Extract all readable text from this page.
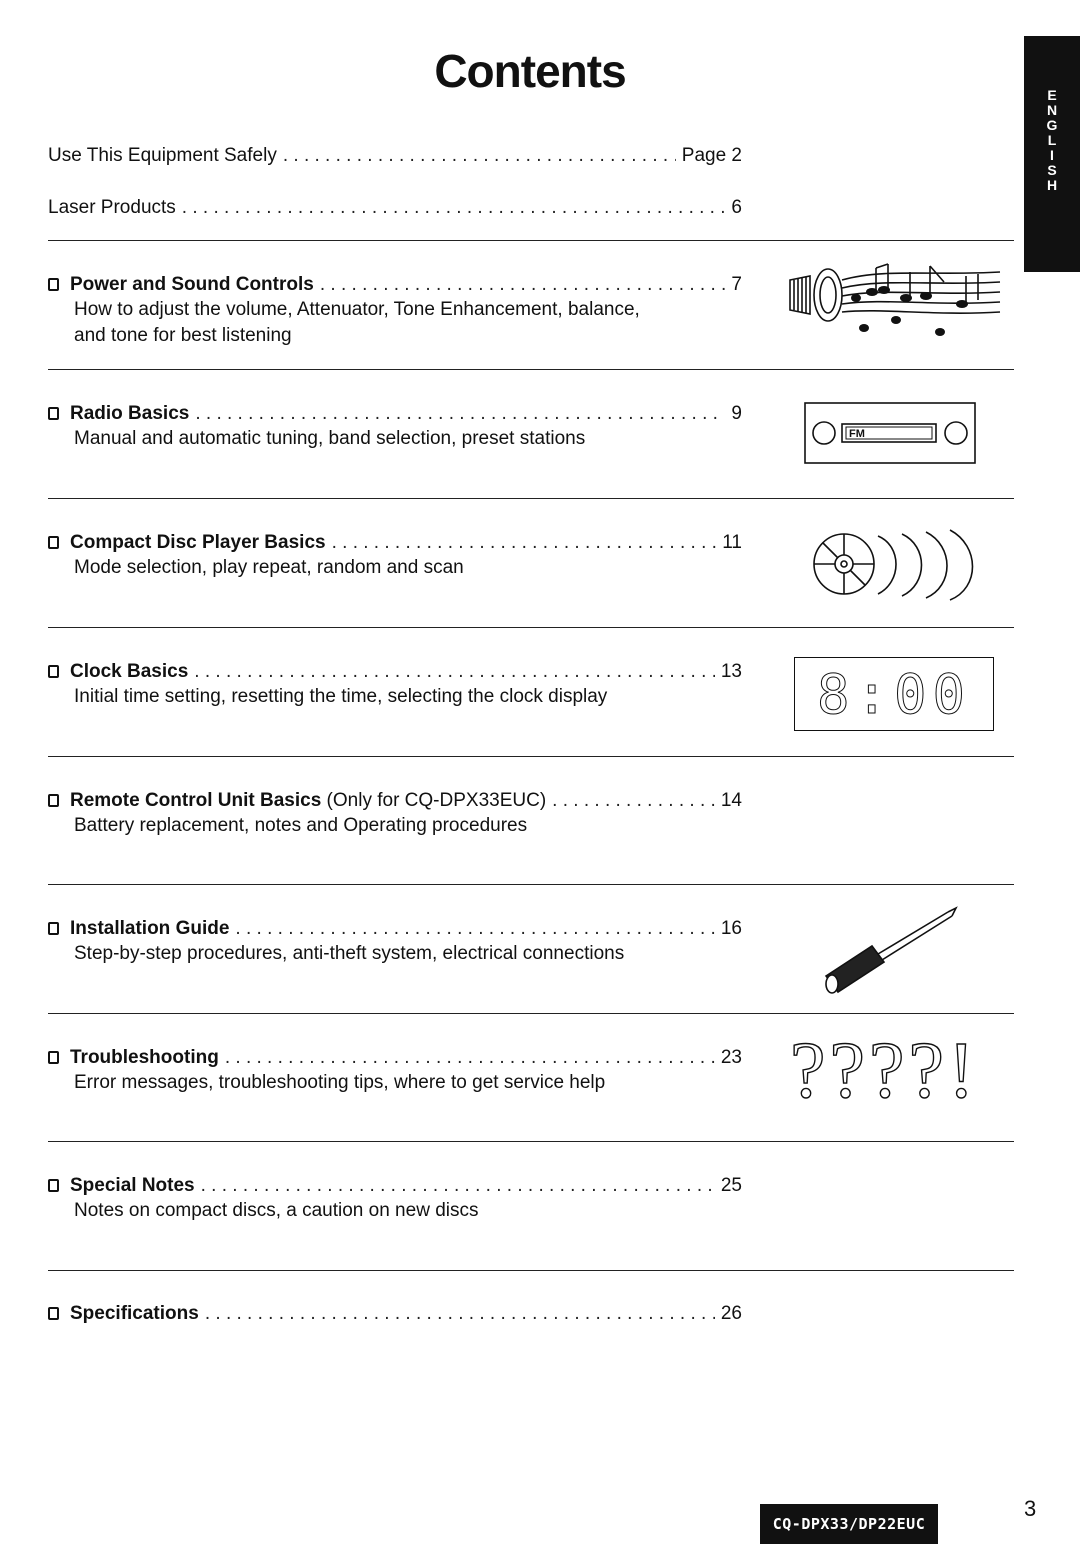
Contents	E
N
G
L
I
S
H
Use This Equipment Safely . . .	Page 2
Laser Products . . .	6
Power and Sound Controls . . .	7
How to adjust the volume, Attenuator, Tone Enhancement, balance,
and tone for best listening
Radio Basics . . .	9
Manual and automatic tuning, band selection, preset stations	FM
Compact Disc Player Basics . . .	11
Mode selection, play repeat, random and scan
Clock Basics . . .	13
Initial time setting, resetting the time, selecting the clock display	8:00
Remote Control Unit Basics (Only for CQ-DPX33EUC) . . .	14
Battery replacement, notes and Operating procedures
Installation Guide . . .	16
Step-by-step procedures, anti-theft system, electrical connections
Troubleshooting . . .	23
Error messages, troubleshooting tips, where to get service help	????!
Special Notes . . .	25
Notes on compact discs, a caution on new discs
Specifications . . .	26
CQ-DPX33/DP22EUC
3
